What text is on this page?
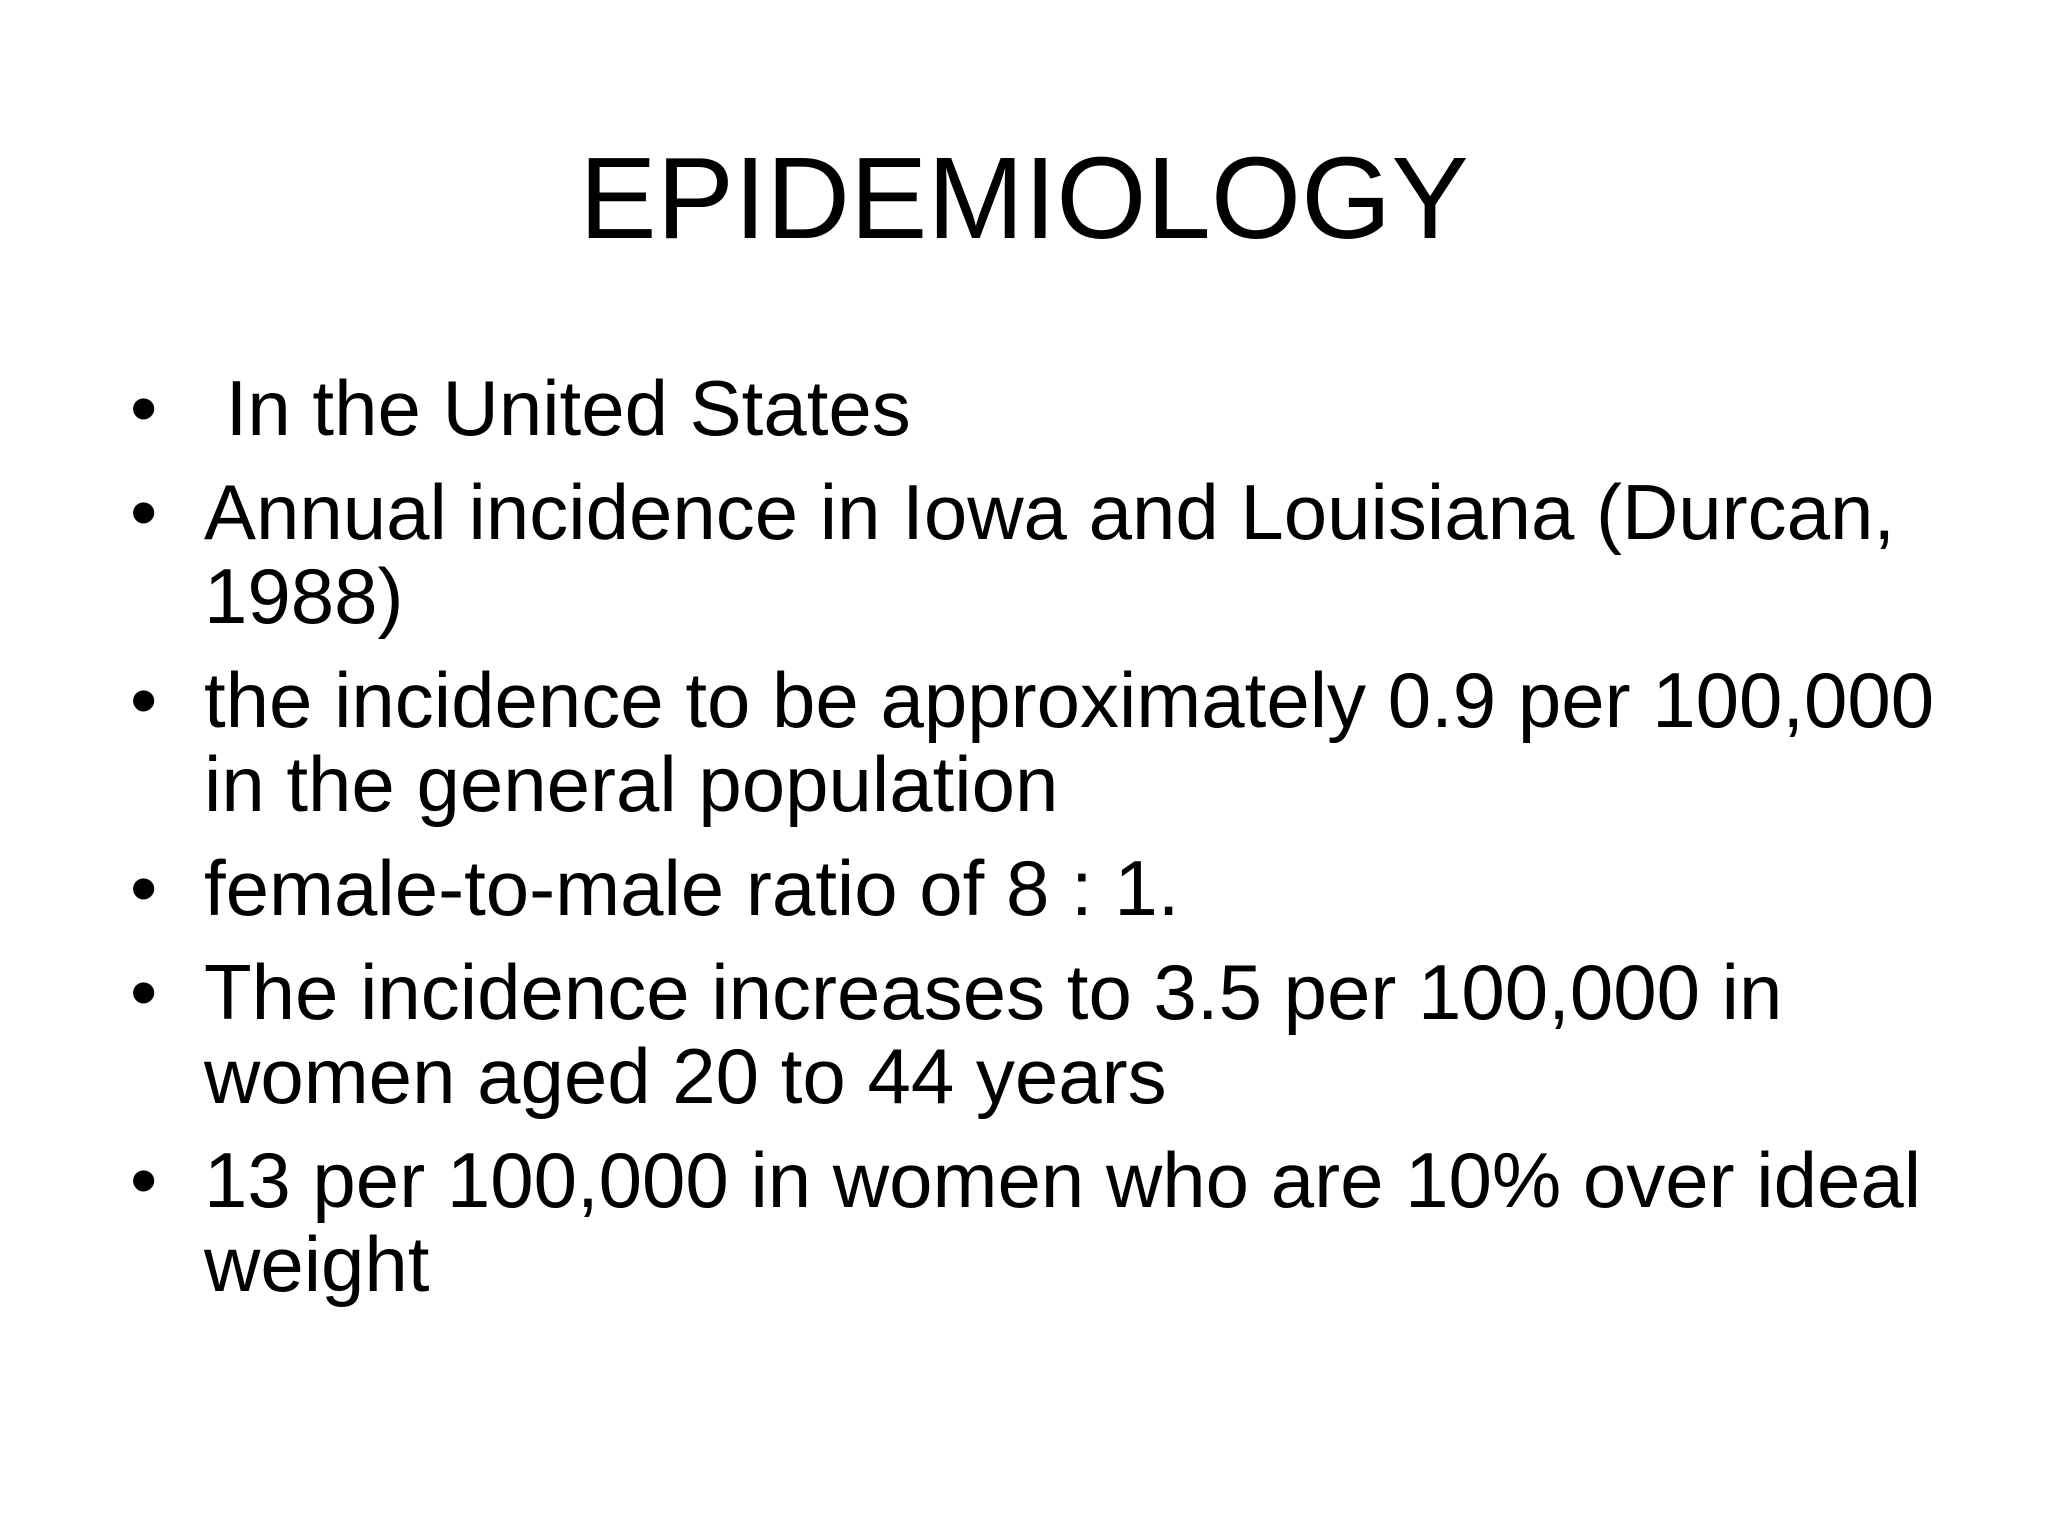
EPIDEMIOLOGY
• In the United States
• Annual incidence in Iowa and Louisiana (Durcan, 1988)
• the incidence to be approximately 0.9 per 100,000 in the general population
• female-to-male ratio of 8 : 1.
• The incidence increases to 3.5 per 100,000 in women aged 20 to 44 years
• 13 per 100,000 in women who are 10% over ideal weight
